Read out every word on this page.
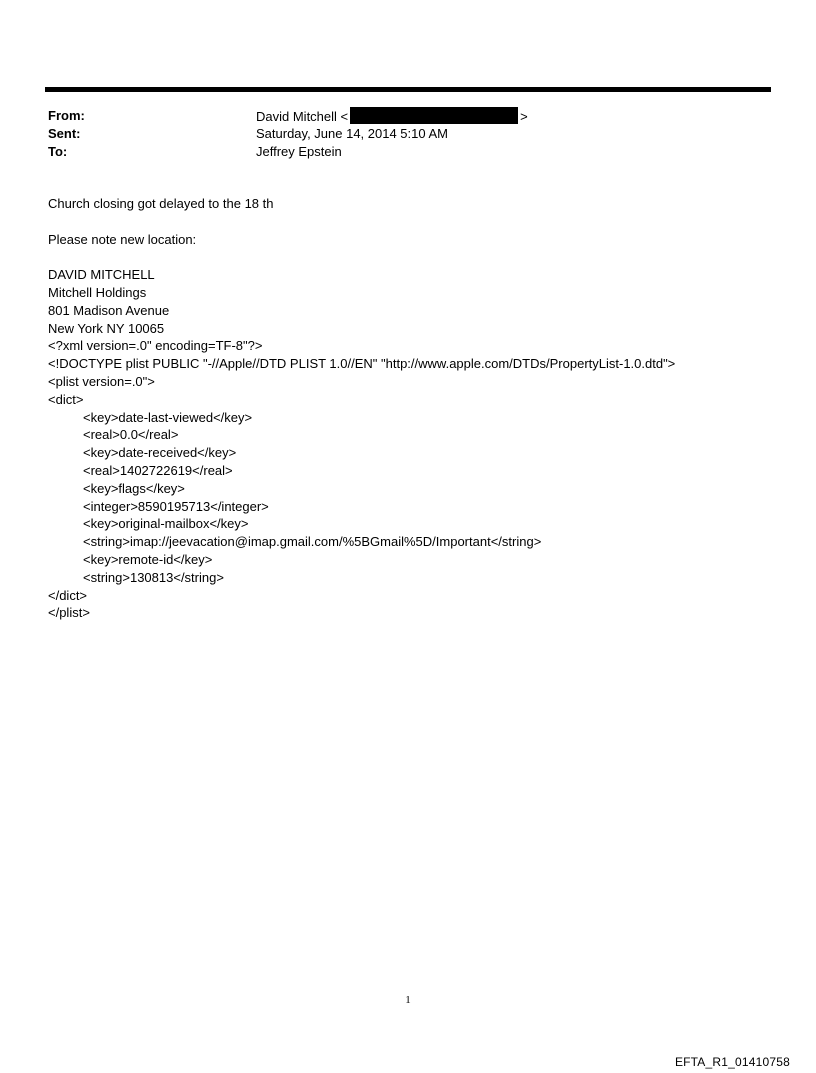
From:	David Mitchell <	>
Sent:	Saturday, June 14, 2014 5:10 AM
To:	Jeffrey Epstein
Church closing got delayed to the 18 th
Please note new location:
DAVID MITCHELL
Mitchell Holdings
801 Madison Avenue
New York NY 10065
<?xml version=.0" encoding=TF-8"?>
<!DOCTYPE plist PUBLIC "-//Apple//DTD PLIST 1.0//EN" "http://www.apple.com/DTDs/PropertyList-1.0.dtd">
<plist version=.0">
<dict>
<key>date-last-viewed</key>
<real>0.0</real>
<key>date-received</key>
<real>1402722619</real>
<key>flags</key>
<integer>8590195713</integer>
<key>original-mailbox</key>
<string>imap://jeevacation@imap.gmail.com/%5BGmail%5D/Important</string>
<key>remote-id</key>
<string>130813</string>
</dict>
</plist>
1
EFTA_R1_01410758
